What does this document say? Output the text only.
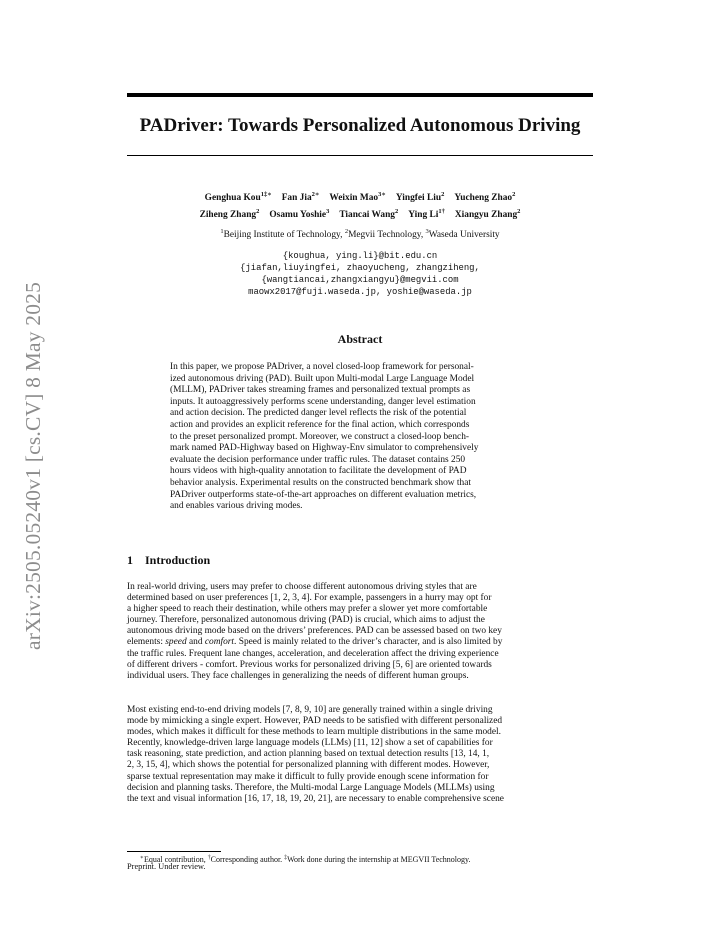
arXiv:2505.05240v1 [cs.CV] 8 May 2025
PADriver: Towards Personalized Autonomous Driving
Genghua Kou$^{1\ddagger∗}$ Fan Jia$^{2∗}$ Weixin Mao$^{3∗}$ Yingfei Liu$^2$ Yucheng Zhao$^2$
Ziheng Zhang$^2$ Osamu Yoshie$^3$ Tiancai Wang$^2$ Ying $Li^{1\dagger}$ Xiangyu Zhang$^2$
$^1$Beijing Institute of Technology, $^2$Megvii Technology, $^3$Waseda University
{koughua, ying.li}@bit.edu.cn
{jiafan,liuyingfei, zhaoyucheng, zhangziheng,
{wangtiancai,zhangxiangyu}@megvii.com
maowx2017@fuji.waseda.jp, yoshie@waseda.jp
Abstract
In this paper, we propose PADriver, a novel closed-loop framework for personal-
ized autonomous driving (PAD). Built upon Multi-modal Large Language Model
(MLLM), PADriver takes streaming frames and personalized textual prompts as
inputs. It autoaggressively performs scene understanding, danger level estimation
and action decision. The predicted danger level reflects the risk of the potential
action and provides an explicit reference for the final action, which corresponds
to the preset personalized prompt. Moreover, we construct a closed-loop bench-
mark named PAD-Highway based on Highway-Env simulator to comprehensively
evaluate the decision performance under traffic rules. The dataset contains 250
hours videos with high-quality annotation to facilitate the development of PAD
behavior analysis. Experimental results on the constructed benchmark show that
PADriver outperforms state-of-the-art approaches on different evaluation metrics,
and enables various driving modes.
1 Introduction
In real-world driving, users may prefer to choose different autonomous driving styles that are
determined based on user preferences [1, 2, 3, 4]. For example, passengers in a hurry may opt for
a higher speed to reach their destination, while others may prefer a slower yet more comfortable
journey. Therefore, personalized autonomous driving (PAD) is crucial, which aims to adjust the
autonomous driving mode based on the drivers’ preferences. PAD can be assessed based on two key
elements: speed and comfort. Speed is mainly related to the driver’s character, and is also limited by
the traffic rules. Frequent lane changes, acceleration, and deceleration affect the driving experience
of different drivers - comfort. Previous works for personalized driving [5, 6] are oriented towards
individual users. They face challenges in generalizing the needs of different human groups.
Most existing end-to-end driving models [7, 8, 9, 10] are generally trained within a single driving
mode by mimicking a single expert. However, PAD needs to be satisfied with different personalized
modes, which makes it difficult for these methods to learn multiple distributions in the same model.
Recently, knowledge-driven large language models (LLMs) [11, 12] show a set of capabilities for
task reasoning, state prediction, and action planning based on textual detection results [13, 14, 1,
2, 3, 15, 4], which shows the potential for personalized planning with different modes. However,
sparse textual representation may make it difficult to fully provide enough scene information for
decision and planning tasks. Therefore, the Multi-modal Large Language Models (MLLMs) using
the text and visual information [16, 17, 18, 19, 20, 21], are necessary to enable comprehensive scene
∗Equal contribution, †Corresponding author. ‡Work done during the internship at MEGVII Technology.
Preprint. Under review.
